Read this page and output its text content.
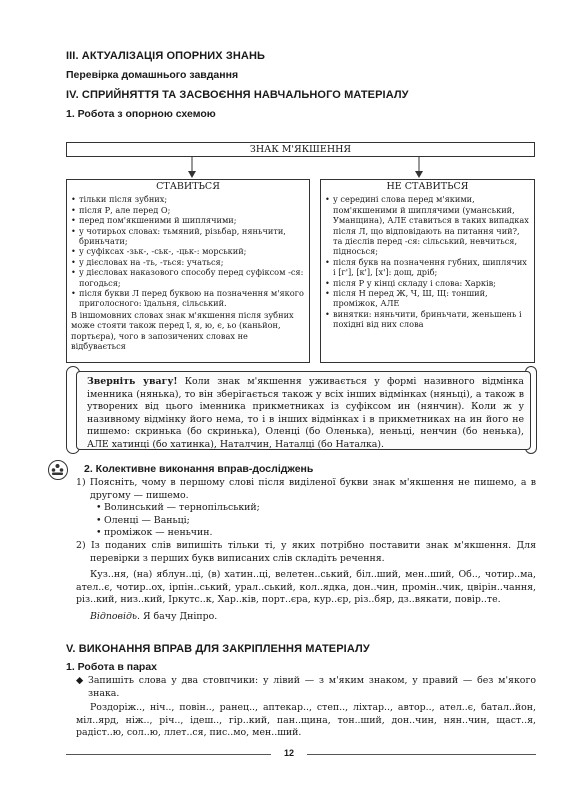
ІІІ. АКТУАЛІЗАЦІЯ ОПОРНИХ ЗНАНЬ
Перевірка домашнього завдання
IV. СПРИЙНЯТТЯ ТА ЗАСВОЄННЯ НАВЧАЛЬНОГО МАТЕРІАЛУ
1. Робота з опорною схемою
ЗНАК М'ЯКШЕННЯ
СТАВИТЬСЯ
• тільки після зубних;
• після Р, але перед О;
• перед пом'якшеними й шиплячими;
• у чотирьох словах: тьмяний, різьбар, няньчити, бриньчати;
• у суфіксах -зьк-, -ськ-, -цьк-: морський;
• у дієсловах на -ть, -ться: учаться;
• у дієсловах наказового способу перед суфіксом -ся: погодься;
• після букви Л перед буквою на позначення м'якого приголосного: їдальня, сільський.
В іншомовних словах знак м'якшення після зубних може стояти також перед ї, я, ю, є, ьо (каньйон, портьєра), чого в запозичених словах не відбувається
НЕ СТАВИТЬСЯ
• у середині слова перед м'якими, пом'якшеними й шиплячими (уманський, Уманщина), АЛЕ ставиться в таких випадках після Л, що відповідають на питання чий?, та дієслів перед -ся: сільський, невчиться, підносься;
• після букв на позначення губних, шиплячих і [г'], [к'], [х']: дощ, дріб;
• після Р у кінці складу і слова: Харків;
• після Н перед Ж, Ч, Ш, Щ: тонший, проміжок, АЛЕ
• винятки: няньчити, бриньчати, женьшень і похідні від них слова
Зверніть увагу! Коли знак м'якшення уживається у формі називного відмінка іменника (нянька), то він зберігається також у всіх інших відмінках (няньці), а також в утворених від цього іменника прикметниках із суфіксом ин (нянчин). Коли ж у називному відмінку його нема, то і в інших відмінках і в прикметниках на ин його не пишемо: скринька (бо скринька), Оленці (бо Оленька), неньці, ненчин (бо ненька), АЛЕ хатинці (бо хатинка), Наталчин, Наталці (бо Наталка).
2. Колективне виконання вправ-досліджень
1) Поясніть, чому в першому слові після виділеної букви знак м'якшення не пишемо, а в другому — пишемо.
• Волинський — тернопільський;
• Оленці — Ваньці;
• проміжок — неньчин.
2) Із поданих слів випишіть тільки ті, у яких потрібно поставити знак м'якшення. Для перевірки з перших букв виписаних слів складіть речення.
Куз..ня, (на) яблун..ці, (в) хатин..ці, велетен..ський, біл..ший, мен..ший, Об.., чотир..ма, ател..є, чотир..ох, ірпін..ський, урал..ський, кол..ядка, дон..чин, промін..чик, цвірін..чання, різ..кий, низ..кий, Іркутс..к, Хар..ків, порт..єра, кур..єр, різ..бяр, дз..вякати, повір..те.
Відповідь. Я бачу Дніпро.
V. ВИКОНАННЯ ВПРАВ ДЛЯ ЗАКРІПЛЕННЯ МАТЕРІАЛУ
1. Робота в парах
◆ Запишіть слова у два стовпчики: у лівий — з м'яким знаком, у правий — без м'якого знака.
Роздоріж.., ніч.., повін.., ранец.., аптекар.., степ.., ліхтар.., автор.., ател..є, батал..йон, міл..ярд, ніж.., річ.., ідеш.., гір..кий, пан..щина, тон..ший, дон..чин, нян..чин, щаст..я, радіст..ю, сол..ю, ллет..ся, пис..мо, мен..ший.
12
